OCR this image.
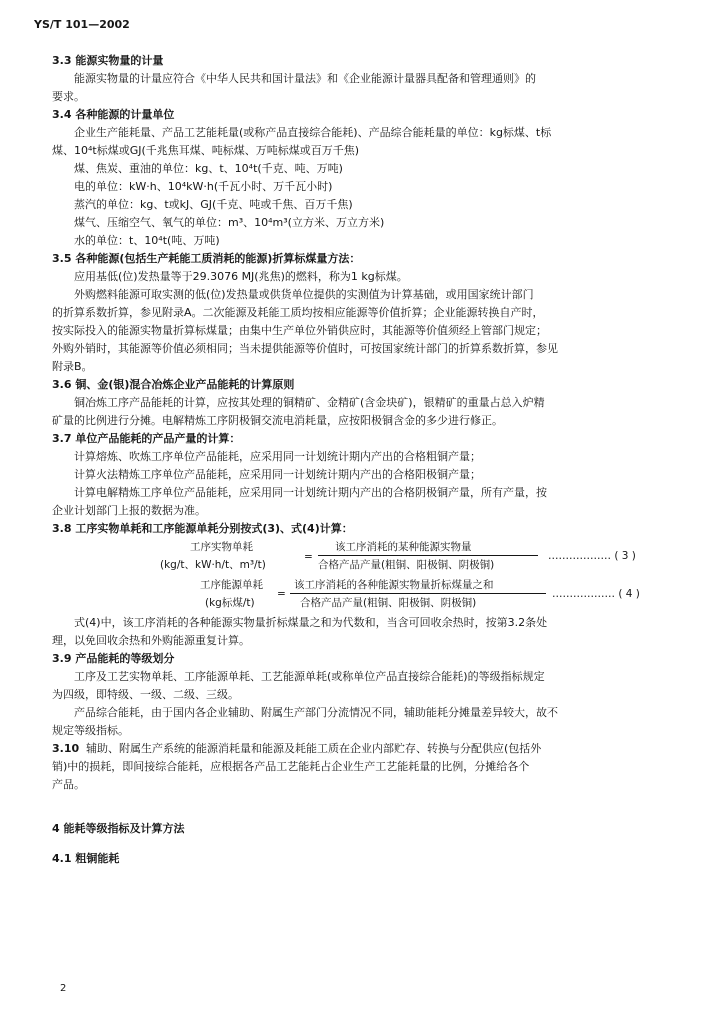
YS/T 101—2002
3.3 能源实物量的计量
能源实物量的计量应符合《中华人民共和国计量法》和《企业能源计量器具配备和管理通则》的
要求。
3.4 各种能源的计量单位
企业生产能耗量、产品工艺能耗量(或称产品直接综合能耗)、产品综合能耗量的单位：kg标煤、t标
煤、10⁴t标煤或GJ(千兆焦耳煤、吨标煤、万吨标煤或百万千焦)
煤、焦炭、重油的单位：kg、t、10⁴t(千克、吨、万吨)
电的单位：kW·h、10⁴kW·h(千瓦小时、万千瓦小时)
蒸汽的单位：kg、t或kJ、GJ(千克、吨或千焦、百万千焦)
煤气、压缩空气、氧气的单位：m³、10⁴m³(立方米、万立方米)
水的单位：t、10⁴t(吨、万吨)
3.5 各种能源(包括生产耗能工质消耗的能源)折算标煤量方法：
应用基低(位)发热量等于29.3076 MJ(兆焦)的燃料，称为1 kg标煤。
外购燃料能源可取实测的低(位)发热量或供货单位提供的实测值为计算基础，或用国家统计部门
的折算系数折算，参见附录A。二次能源及耗能工质均按相应能源等价值折算；企业能源转换自产时，
按实际投入的能源实物量折算标煤量；由集中生产单位外销供应时，其能源等价值须经上管部门规定；
外购外销时，其能源等价值必须相同；当未提供能源等价值时，可按国家统计部门的折算系数折算，参见
附录B。
3.6 铜、金(银)混合冶炼企业产品能耗的计算原则
铜冶炼工序产品能耗的计算，应按其处理的铜精矿、金精矿(含金块矿)，银精矿的重量占总入炉精
矿量的比例进行分摊。电解精炼工序阴极铜交流电消耗量，应按阳极铜含金的多少进行修正。
3.7 单位产品能耗的产品产量的计算：
计算熔炼、吹炼工序单位产品能耗，应采用同一计划统计期内产出的合格粗铜产量；
计算火法精炼工序单位产品能耗，应采用同一计划统计期内产出的合格阳极铜产量；
计算电解精炼工序单位产品能耗，应采用同一计划统计期内产出的合格阴极铜产量，所有产量，按
企业计划部门上报的数据为准。
3.8 工序实物单耗和工序能源单耗分别按式(3)、式(4)计算：
工序实物单耗
(kg/t、kW·h/t、m³/t)
=
该工序消耗的某种能源实物量
合格产品产量(粗铜、阳极铜、阴极铜)
……………… ( 3 )
工序能源单耗
(kg标煤/t)
=
该工序消耗的各种能源实物量折标煤量之和
合格产品产量(粗铜、阳极铜、阴极铜)
……………… ( 4 )
式(4)中，该工序消耗的各种能源实物量折标煤量之和为代数和，当含可回收余热时，按第3.2条处
理，以免回收余热和外购能源重复计算。
3.9 产品能耗的等级划分
工序及工艺实物单耗、工序能源单耗、工艺能源单耗(或称单位产品直接综合能耗)的等级指标规定
为四级，即特级、一级、二级、三级。
产品综合能耗，由于国内各企业辅助、附属生产部门分流情况不同，辅助能耗分摊量差异较大，故不
规定等级指标。
3.10 辅助、附属生产系统的能源消耗量和能源及耗能工质在企业内部贮存、转换与分配供应(包括外
销)中的损耗，即间接综合能耗，应根据各产品工艺能耗占企业生产工艺能耗量的比例，分摊给各个
产品。
4 能耗等级指标及计算方法
4.1 粗铜能耗
2
